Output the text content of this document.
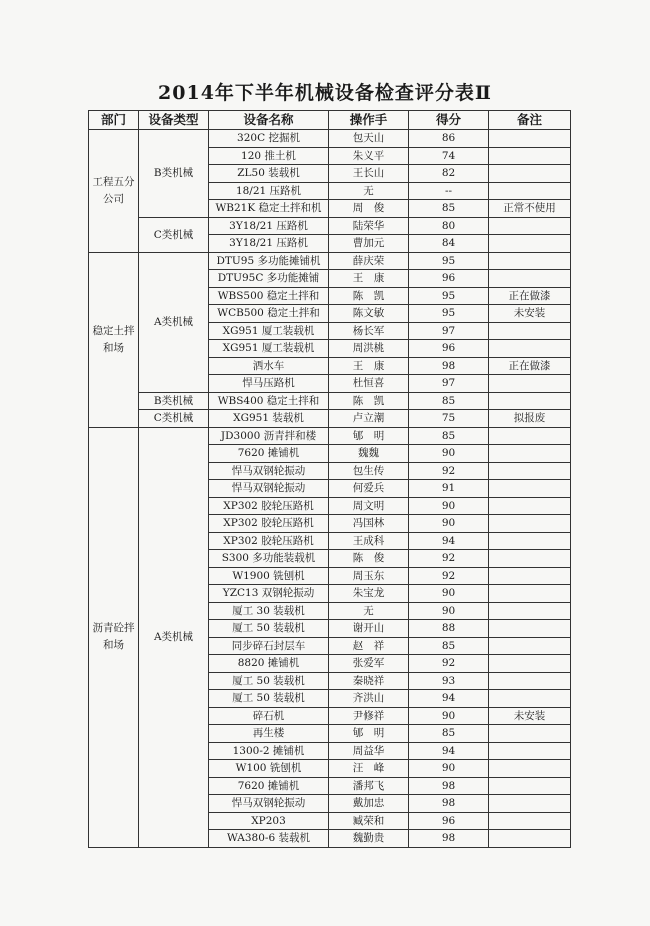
2014年下半年机械设备检查评分表Ⅱ
部门	设备类型	设备名称	操作手	得分	备注
工程五分公司	B类机械	320C 挖掘机	包天山	86	
		120 推土机	朱义平	74	
		ZL50 装载机	王长山	82	
		18/21 压路机	无	--	
		WB21K 稳定土拌和机	周　俊	85	正常不使用
	C类机械	3Y18/21 压路机	陆荣华	80	
		3Y18/21 压路机	曹加元	84	
稳定土拌和场	A类机械	DTU95 多功能摊铺机	薛庆荣	95	
		DTU95C 多功能摊铺	王　康	96	
		WBS500 稳定土拌和	陈　凯	95	正在做漆
		WCB500 稳定土拌和	陈文敏	95	未安装
		XG951 厦工装载机	杨长军	97	
		XG951 厦工装载机	周洪桃	96	
		洒水车	王　康	98	正在做漆
		悍马压路机	杜恒喜	97	
	B类机械	WBS400 稳定土拌和	陈　凯	85	
	C类机械	XG951 装载机	卢立潮	75	拟报废
沥青砼拌和场	A类机械	JD3000 沥青拌和楼	郇　明	85	
		7620 摊铺机	魏魏	90	
		悍马双钢轮振动	包生传	92	
		悍马双钢轮振动	何爱兵	91	
		XP302 胶轮压路机	周文明	90	
		XP302 胶轮压路机	冯国林	90	
		XP302 胶轮压路机	王成科	94	
		S300 多功能装载机	陈　俊	92	
		W1900 铣刨机	周玉东	92	
		YZC13 双钢轮振动	朱宝龙	90	
		厦工 30 装载机	无	90	
		厦工 50 装载机	谢开山	88	
		同步碎石封层车	赵　祥	85	
		8820 摊铺机	张爱军	92	
		厦工 50 装载机	秦晓祥	93	
		厦工 50 装载机	齐洪山	94	
		碎石机	尹修祥	90	未安装
		再生楼	郇　明	85	
		1300-2 摊铺机	周益华	94	
		W100 铣刨机	汪　峰	90	
		7620 摊铺机	潘邦飞	98	
		悍马双钢轮振动	戴加忠	98	
		XP203	臧荣和	96	
		WA380-6 装载机	魏勤贵	98	
